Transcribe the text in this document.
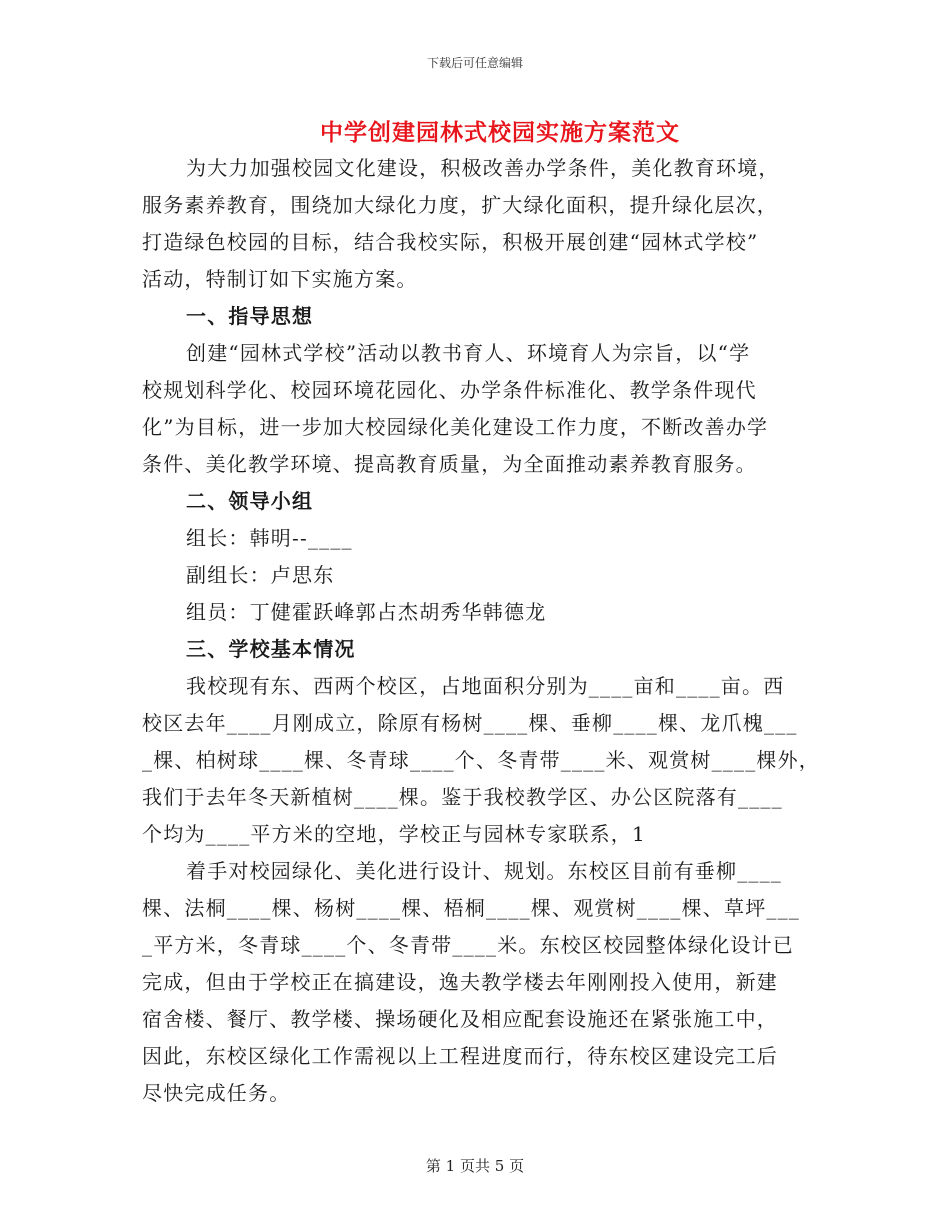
下载后可任意编辑
中学创建园林式校园实施方案范文
为大力加强校园文化建设，积极改善办学条件，美化教育环境，
服务素养教育，围绕加大绿化力度，扩大绿化面积，提升绿化层次，
打造绿色校园的目标，结合我校实际，积极开展创建“园林式学校”
活动，特制订如下实施方案。
一、指导思想
创建“园林式学校”活动以教书育人、环境育人为宗旨，以“学
校规划科学化、校园环境花园化、办学条件标准化、教学条件现代
化”为目标，进一步加大校园绿化美化建设工作力度，不断改善办学
条件、美化教学环境、提高教育质量，为全面推动素养教育服务。
二、领导小组
组长：韩明--____
副组长：卢思东
组员：丁健霍跃峰郭占杰胡秀华韩德龙
三、学校基本情况
我校现有东、西两个校区，占地面积分别为____亩和____亩。西
校区去年____月刚成立，除原有杨树____棵、垂柳____棵、龙爪槐___
_棵、柏树球____棵、冬青球____个、冬青带____米、观赏树____棵外，
我们于去年冬天新植树____棵。鉴于我校教学区、办公区院落有____
个均为____平方米的空地，学校正与园林专家联系，1
着手对校园绿化、美化进行设计、规划。东校区目前有垂柳____
棵、法桐____棵、杨树____棵、梧桐____棵、观赏树____棵、草坪___
_平方米，冬青球____个、冬青带____米。东校区校园整体绿化设计已
完成，但由于学校正在搞建设，逸夫教学楼去年刚刚投入使用，新建
宿舍楼、餐厅、教学楼、操场硬化及相应配套设施还在紧张施工中，
因此，东校区绿化工作需视以上工程进度而行，待东校区建设完工后
尽快完成任务。
第 1 页共 5 页
